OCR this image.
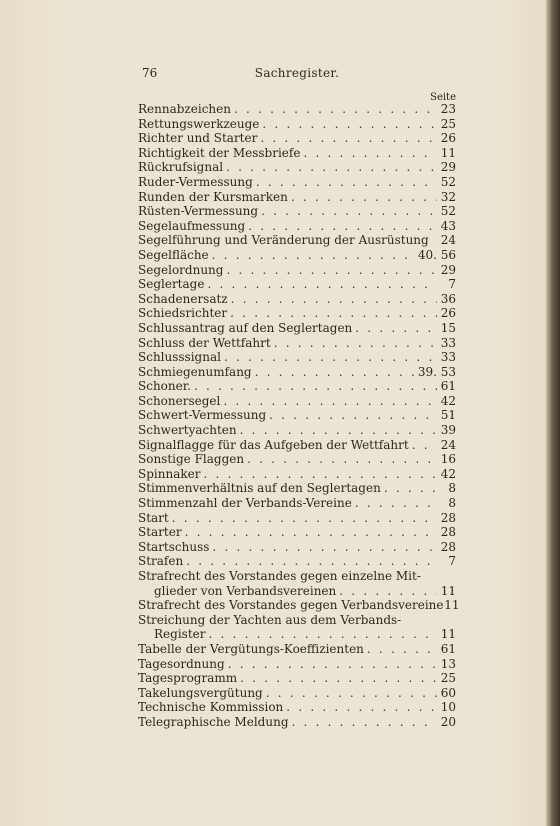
76	Sachregister.
Seite
Rennabzeichen . . .	23
Rettungswerkzeuge . . .	25
Richter und Starter . . .	26
Richtigkeit der Messbriefe . . .	11
Rückrufsignal . . .	29
Ruder-Vermessung . . .	52
Runden der Kursmarken . . .	32
Rüsten-Vermessung . . .	52
Segelaufmessung . . .	43
Segelführung und Veränderung der Ausrüstung 24
Segelfläche . . .	40. 56
Segelordnung . . .	29
Seglertage . . .	7
Schadenersatz . . .	36
Schiedsrichter . . .	26
Schlussantrag auf den Seglertagen . . .	15
Schluss der Wettfahrt . . .	33
Schlusssignal . . .	33
Schmiegenumfang . . .	39. 53
Schoner. . . .	61
Schonersegel . . .	42
Schwert-Vermessung . . .	51
Schwertyachten . . .	39
Signalflagge für das Aufgeben der Wettfahrt . . .	24
Sonstige Flaggen . . .	16
Spinnaker . . .	42
Stimmenverhältnis auf den Seglertagen . . .	8
Stimmenzahl der Verbands-Vereine . . .	8
Start . . .	28
Starter . . .	28
Startschuss . . .	28
Strafen . . .	7
Strafrecht des Vorstandes gegen einzelne Mit-
glieder von Verbandsvereinen . . .	11
Strafrecht des Vorstandes gegen Verbandsvereine 11
Streichung der Yachten aus dem Verbands-
Register . . .	11
Tabelle der Vergütungs-Koeffizienten . . .	61
Tagesordnung . . .	13
Tagesprogramm . . .	25
Takelungsvergütung . . .	60
Technische Kommission . . .	10
Telegraphische Meldung . . .	20
